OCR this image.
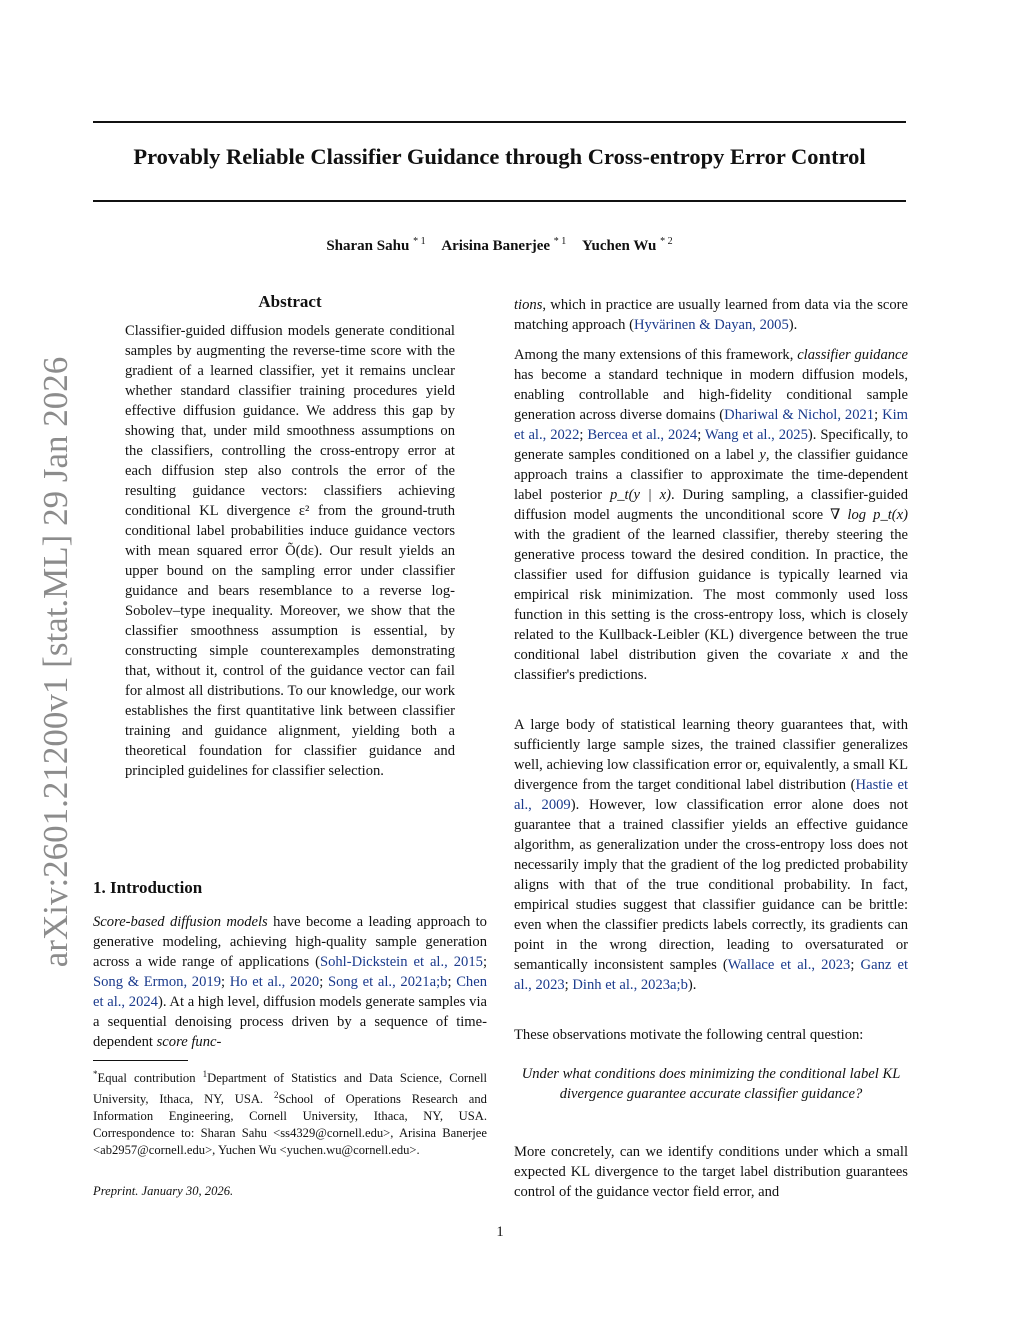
Provably Reliable Classifier Guidance through Cross-entropy Error Control
Sharan Sahu $^{* 1}$ Arisina Banerjee $^{* 1}$ Yuchen Wu $^{* 2}$
arXiv:2601.21200v1 [stat.ML] 29 Jan 2026
Abstract

Classifier-guided diffusion models generate conditional samples by augmenting the reverse-time score with the gradient of a learned classifier, yet it remains unclear whether standard classifier training procedures yield effective diffusion guidance. We address this gap by showing that, under mild smoothness assumptions on the classifiers, controlling the cross-entropy error at each diffusion step also controls the error of the resulting guidance vectors: classifiers achieving conditional KL divergence ε² from the ground-truth conditional label probabilities induce guidance vectors with mean squared error Õ(dε). Our result yields an upper bound on the sampling error under classifier guidance and bears resemblance to a reverse log-Sobolev–type inequality. Moreover, we show that the classifier smoothness assumption is essential, by constructing simple counterexamples demonstrating that, without it, control of the guidance vector can fail for almost all distributions. To our knowledge, our work establishes the first quantitative link between classifier training and guidance alignment, yielding both a theoretical foundation for classifier guidance and principled guidelines for classifier selection.

1. Introduction

Score-based diffusion models have become a leading approach to generative modeling, achieving high-quality sample generation across a wide range of applications (Sohl-Dickstein et al., 2015; Song & Ermon, 2019; Ho et al., 2020; Song et al., 2021a;b; Chen et al., 2024). At a high level, diffusion models generate samples via a sequential denoising process driven by a sequence of time-dependent score func-

*Equal contribution $^1$Department of Statistics and Data Science, Cornell University, Ithaca, NY, USA. $^2$School of Operations Research and Information Engineering, Cornell University, Ithaca, NY, USA. Correspondence to: Sharan Sahu <ss4329@cornell.edu>, Arisina Banerjee <ab2957@cornell.edu>, Yuchen Wu <yuchen.wu@cornell.edu>.

Preprint. January 30, 2026.

tions, which in practice are usually learned from data via the score matching approach (Hyvärinen & Dayan, 2005).

Among the many extensions of this framework, classifier guidance has become a standard technique in modern diffusion models, enabling controllable and high-fidelity conditional sample generation across diverse domains (Dhariwal & Nichol, 2021; Kim et al., 2022; Bercea et al., 2024; Wang et al., 2025). Specifically, to generate samples conditioned on a label y, the classifier guidance approach trains a classifier to approximate the time-dependent label posterior p_t(y | x). During sampling, a classifier-guided diffusion model augments the unconditional score ∇ log p_t(x) with the gradient of the learned classifier, thereby steering the generative process toward the desired condition. In practice, the classifier used for diffusion guidance is typically learned via empirical risk minimization. The most commonly used loss function in this setting is the cross-entropy loss, which is closely related to the Kullback-Leibler (KL) divergence between the true conditional label distribution given the covariate x and the classifier's predictions.

A large body of statistical learning theory guarantees that, with sufficiently large sample sizes, the trained classifier generalizes well, achieving low classification error or, equivalently, a small KL divergence from the target conditional label distribution (Hastie et al., 2009). However, low classification error alone does not guarantee that a trained classifier yields an effective guidance algorithm, as generalization under the cross-entropy loss does not necessarily imply that the gradient of the log predicted probability aligns with that of the true conditional probability. In fact, empirical studies suggest that classifier guidance can be brittle: even when the classifier predicts labels correctly, its gradients can point in the wrong direction, leading to oversaturated or semantically inconsistent samples (Wallace et al., 2023; Ganz et al., 2023; Dinh et al., 2023a;b).

These observations motivate the following central question:

Under what conditions does minimizing the conditional label KL divergence guarantee accurate classifier guidance?

More concretely, can we identify conditions under which a small expected KL divergence to the target label distribution guarantees control of the guidance vector field error, and

1
